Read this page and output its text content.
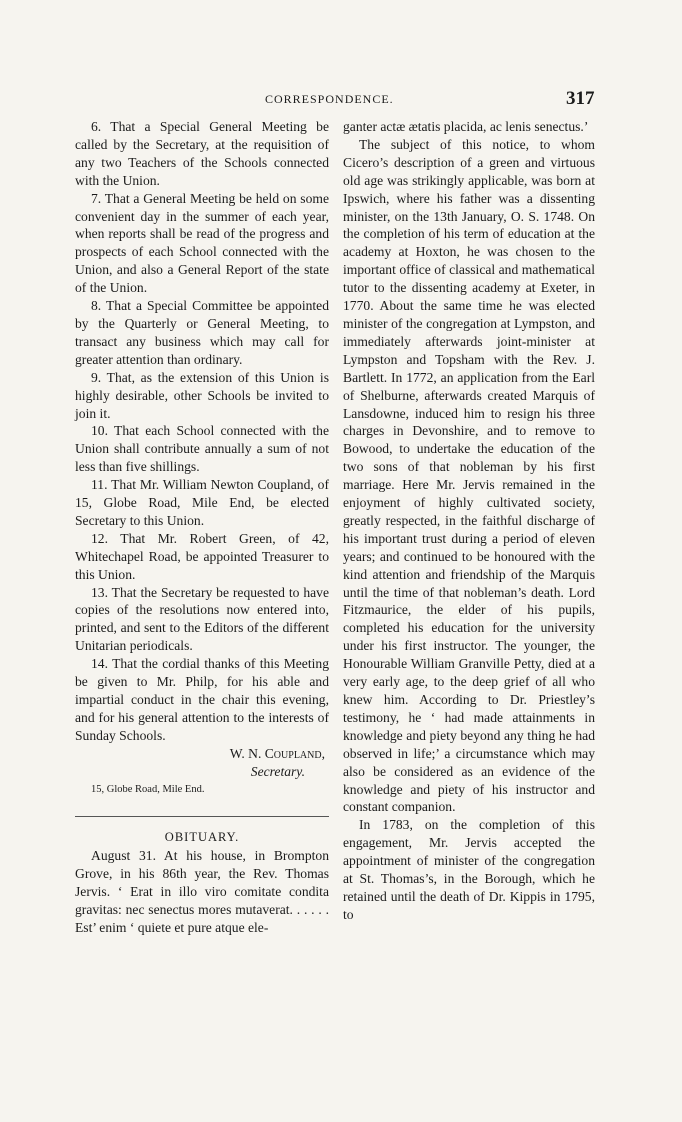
CORRESPONDENCE.	317

6. That a Special General Meeting be called by the Secretary, at the requisition of any two Teachers of the Schools connected with the Union.

7. That a General Meeting be held on some convenient day in the summer of each year, when reports shall be read of the progress and prospects of each School connected with the Union, and also a General Report of the state of the Union.

8. That a Special Committee be appointed by the Quarterly or General Meeting, to transact any business which may call for greater attention than ordinary.

9. That, as the extension of this Union is highly desirable, other Schools be invited to join it.

10. That each School connected with the Union shall contribute annually a sum of not less than five shillings.

11. That Mr. William Newton Coupland, of 15, Globe Road, Mile End, be elected Secretary to this Union.

12. That Mr. Robert Green, of 42, Whitechapel Road, be appointed Treasurer to this Union.

13. That the Secretary be requested to have copies of the resolutions now entered into, printed, and sent to the Editors of the different Unitarian periodicals.

14. That the cordial thanks of this Meeting be given to Mr. Philp, for his able and impartial conduct in the chair this evening, and for his general attention to the interests of Sunday Schools.

W. N. Coupland,

Secretary.

15, Globe Road, Mile End.

OBITUARY.

August 31. At his house, in Brompton Grove, in his 86th year, the Rev. Thomas Jervis. ‘ Erat in illo viro comitate condita gravitas: nec senectus mores mutaverat. . . . . . Est’ enim ‘ quiete et pure atque ele-

ganter actæ ætatis placida, ac lenis senectus.’

The subject of this notice, to whom Cicero’s description of a green and virtuous old age was strikingly applicable, was born at Ipswich, where his father was a dissenting minister, on the 13th January, O. S. 1748. On the completion of his term of education at the academy at Hoxton, he was chosen to the important office of classical and mathematical tutor to the dissenting academy at Exeter, in 1770. About the same time he was elected minister of the congregation at Lympston, and immediately afterwards joint-minister at Lympston and Topsham with the Rev. J. Bartlett. In 1772, an application from the Earl of Shelburne, afterwards created Marquis of Lansdowne, induced him to resign his three charges in Devonshire, and to remove to Bowood, to undertake the education of the two sons of that nobleman by his first marriage. Here Mr. Jervis remained in the enjoyment of highly cultivated society, greatly respected, in the faithful discharge of his important trust during a period of eleven years; and continued to be honoured with the kind attention and friendship of the Marquis until the time of that nobleman’s death. Lord Fitzmaurice, the elder of his pupils, completed his education for the university under his first instructor. The younger, the Honourable William Granville Petty, died at a very early age, to the deep grief of all who knew him. According to Dr. Priestley’s testimony, he ‘ had made attainments in knowledge and piety beyond any thing he had observed in life;’ a circumstance which may also be considered as an evidence of the knowledge and piety of his instructor and constant companion.

In 1783, on the completion of this engagement, Mr. Jervis accepted the appointment of minister of the congregation at St. Thomas’s, in the Borough, which he retained until the death of Dr. Kippis in 1795, to
